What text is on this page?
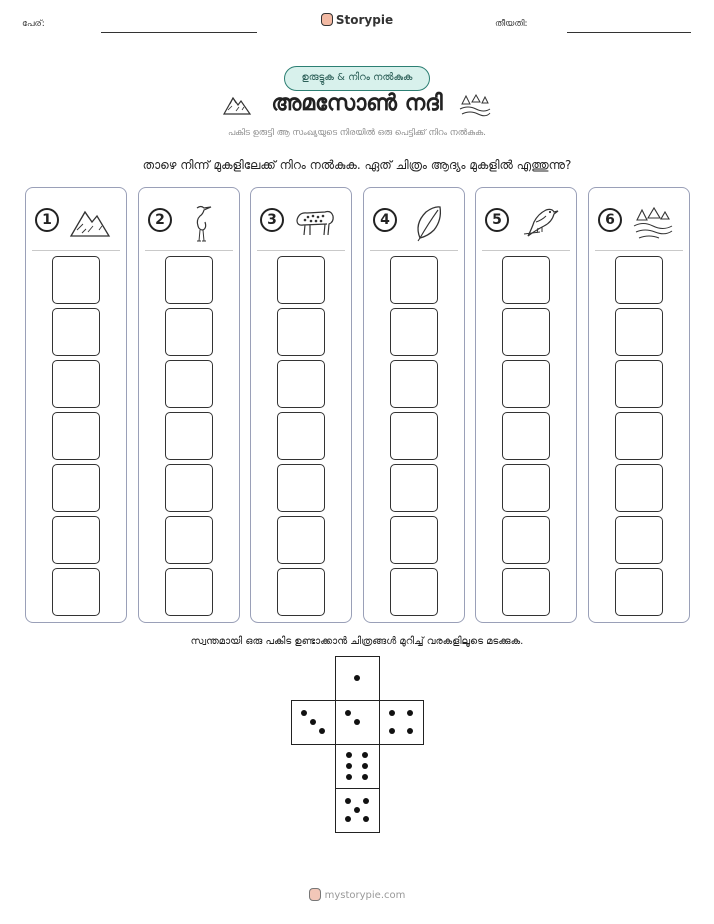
പേര്:	Storypie	തീയതി:
ഉരുട്ടുക & നിറം നൽകുക
അമസോൺ നദി
പകിട ഉരുട്ടി ആ സംഖ്യയുടെ നിരയിൽ ഒരു പെട്ടിക്ക് നിറം നൽകുക.
താഴെ നിന്ന് മുകളിലേക്ക് നിറം നൽകുക. ഏത് ചിത്രം ആദ്യം മുകളിൽ എത്തുന്നു?
1	2	3	4	5	6
സ്വന്തമായി ഒരു പകിട ഉണ്ടാക്കാൻ ചിത്രങ്ങൾ മുറിച്ച് വരകളിലൂടെ മടക്കുക.
mystorypie.com
